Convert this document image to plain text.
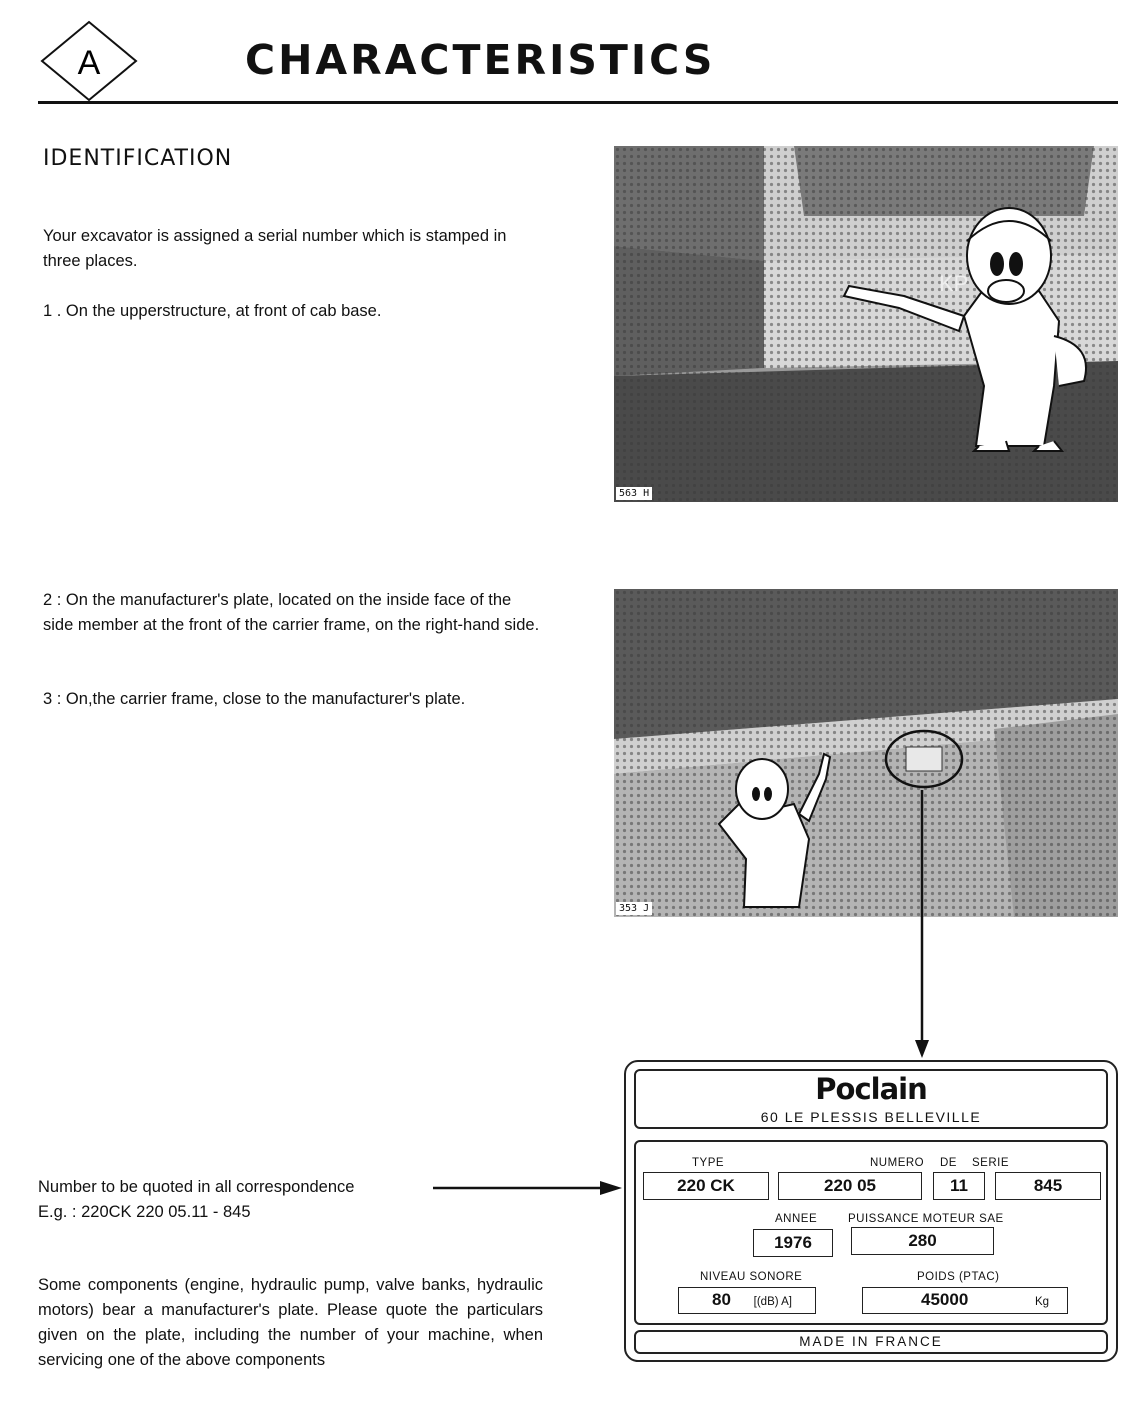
A	CHARACTERISTICS
IDENTIFICATION
Your excavator is assigned a serial number which is stamped in three places.
1 . On the upperstructure, at front of cab base.
2 : On the manufacturer's plate, located on the inside face of the side member at the front of the carrier frame, on the right-hand side.
3 : On,the carrier frame, close to the manufacturer's plate.
Number to be quoted in all correspondence
E.g. : 220CK 220 05.11 - 845
Some components (engine, hydraulic pump, valve banks, hydraulic motors) bear a manufacturer's plate. Please quote the particulars given on the plate, including the number of your machine, when servicing one of the above components
KP
563 H
353 J
Poclain
60 LE PLESSIS BELLEVILLE
TYPE	NUMERO DE SERIE
220 CK	220 05	11	845
ANNEE	PUISSANCE MOTEUR SAE
1976	280
NIVEAU SONORE	POIDS (PTAC)
80 [(dB) A]	45000	Kg
MADE IN FRANCE
